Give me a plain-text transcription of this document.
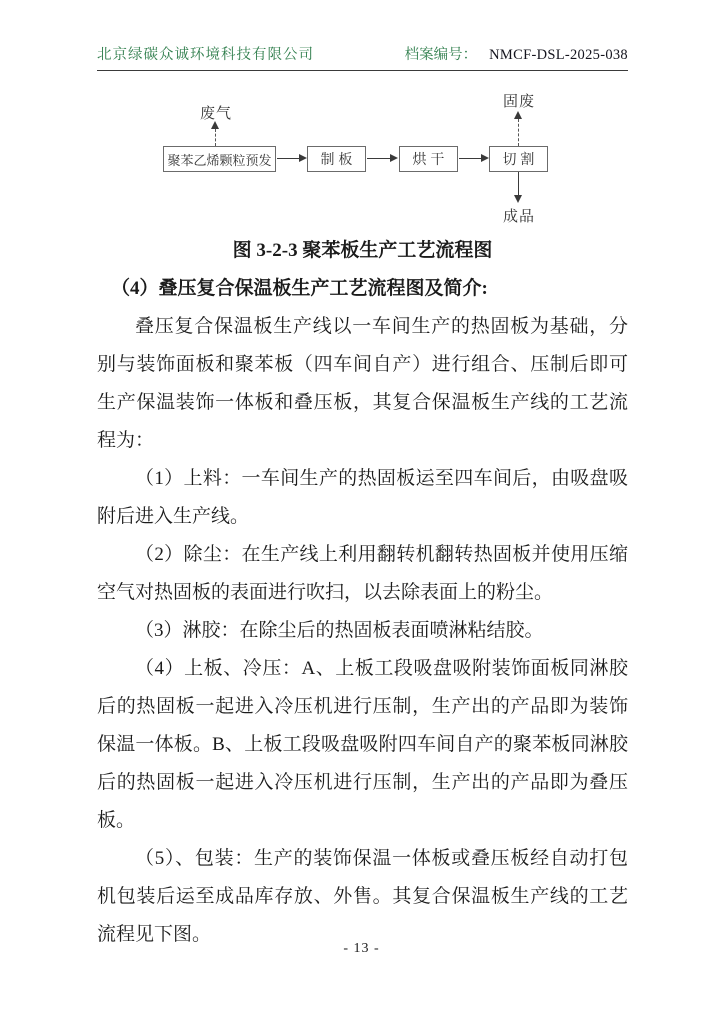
北京绿碳众诚环境科技有限公司	档案编号： NMCF-DSL-2025-038
废气
聚苯乙烯颗粒预发	制 板	烘 干	切 割
固废
成品
图 3-2-3 聚苯板生产工艺流程图
（4）叠压复合保温板生产工艺流程图及简介:

叠压复合保温板生产线以一车间生产的热固板为基础，分别与装饰面板和聚苯板（四车间自产）进行组合、压制后即可生产保温装饰一体板和叠压板，其复合保温板生产线的工艺流程为：

（1）上料：一车间生产的热固板运至四车间后，由吸盘吸附后进入生产线。

（2）除尘：在生产线上利用翻转机翻转热固板并使用压缩空气对热固板的表面进行吹扫，以去除表面上的粉尘。

（3）淋胶：在除尘后的热固板表面喷淋粘结胶。

（4）上板、冷压：A、上板工段吸盘吸附装饰面板同淋胶后的热固板一起进入冷压机进行压制，生产出的产品即为装饰保温一体板。B、上板工段吸盘吸附四车间自产的聚苯板同淋胶后的热固板一起进入冷压机进行压制，生产出的产品即为叠压板。

（5）、包装：生产的装饰保温一体板或叠压板经自动打包机包装后运至成品库存放、外售。其复合保温板生产线的工艺流程见下图。

- 13 -
